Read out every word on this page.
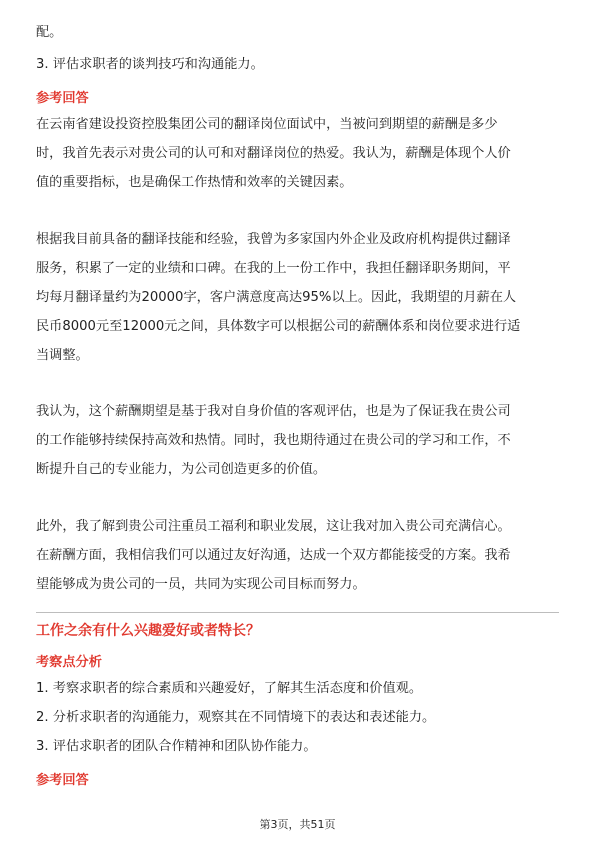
配。
3. 评估求职者的谈判技巧和沟通能力。
参考回答
在云南省建设投资控股集团公司的翻译岗位面试中，当被问到期望的薪酬是多少
时，我首先表示对贵公司的认可和对翻译岗位的热爱。我认为，薪酬是体现个人价
值的重要指标，也是确保工作热情和效率的关键因素。
根据我目前具备的翻译技能和经验，我曾为多家国内外企业及政府机构提供过翻译
服务，积累了一定的业绩和口碑。在我的上一份工作中，我担任翻译职务期间，平
均每月翻译量约为20000字，客户满意度高达95%以上。因此，我期望的月薪在人
民币8000元至12000元之间，具体数字可以根据公司的薪酬体系和岗位要求进行适
当调整。
我认为，这个薪酬期望是基于我对自身价值的客观评估，也是为了保证我在贵公司
的工作能够持续保持高效和热情。同时，我也期待通过在贵公司的学习和工作，不
断提升自己的专业能力，为公司创造更多的价值。
此外，我了解到贵公司注重员工福利和职业发展，这让我对加入贵公司充满信心。
在薪酬方面，我相信我们可以通过友好沟通，达成一个双方都能接受的方案。我希
望能够成为贵公司的一员，共同为实现公司目标而努力。
工作之余有什么兴趣爱好或者特长？
考察点分析
1. 考察求职者的综合素质和兴趣爱好，了解其生活态度和价值观。
2. 分析求职者的沟通能力，观察其在不同情境下的表达和表述能力。
3. 评估求职者的团队合作精神和团队协作能力。
参考回答
第3页，共51页
